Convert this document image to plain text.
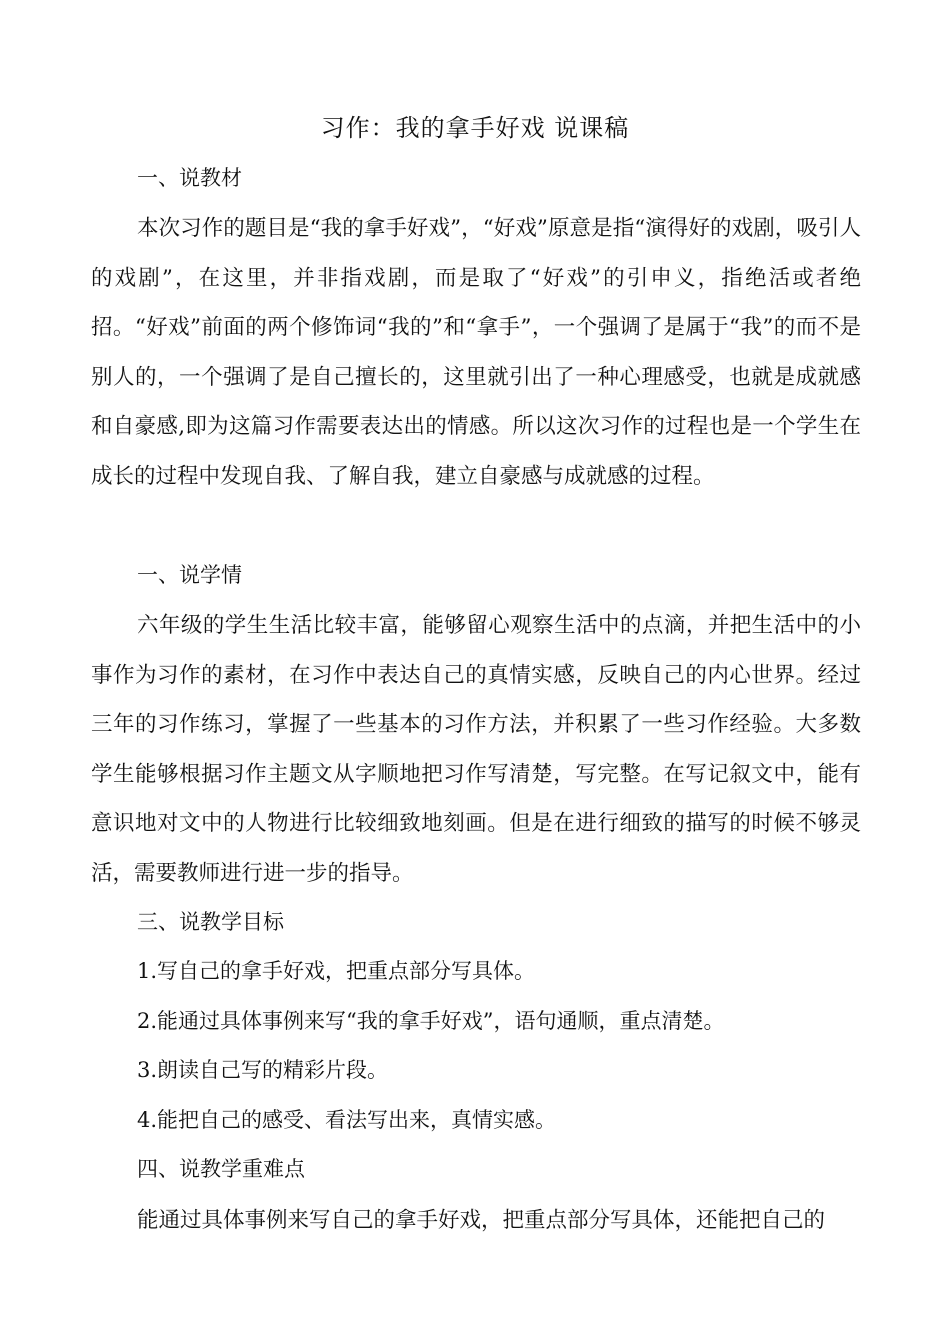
习作：我的拿手好戏 说课稿
一、说教材

本次习作的题目是“我的拿手好戏”，“好戏”原意是指“演得好的戏剧，吸引人的戏剧”，在这里，并非指戏剧，而是取了“好戏”的引申义，指绝活或者绝招。“好戏”前面的两个修饰词“我的”和“拿手”，一个强调了是属于“我”的而不是别人的，一个强调了是自己擅长的，这里就引出了一种心理感受，也就是成就感和自豪感,即为这篇习作需要表达出的情感。所以这次习作的过程也是一个学生在成长的过程中发现自我、了解自我，建立自豪感与成就感的过程。

一、说学情

六年级的学生生活比较丰富，能够留心观察生活中的点滴，并把生活中的小事作为习作的素材，在习作中表达自己的真情实感，反映自己的内心世界。经过三年的习作练习，掌握了一些基本的习作方法，并积累了一些习作经验。大多数学生能够根据习作主题文从字顺地把习作写清楚，写完整。在写记叙文中，能有意识地对文中的人物进行比较细致地刻画。但是在进行细致的描写的时候不够灵活，需要教师进行进一步的指导。

三、说教学目标
1.写自己的拿手好戏，把重点部分写具体。
2.能通过具体事例来写“我的拿手好戏”，语句通顺，重点清楚。
3.朗读自己写的精彩片段。
4.能把自己的感受、看法写出来，真情实感。
四、说教学重难点

能通过具体事例来写自己的拿手好戏，把重点部分写具体，还能把自己的
